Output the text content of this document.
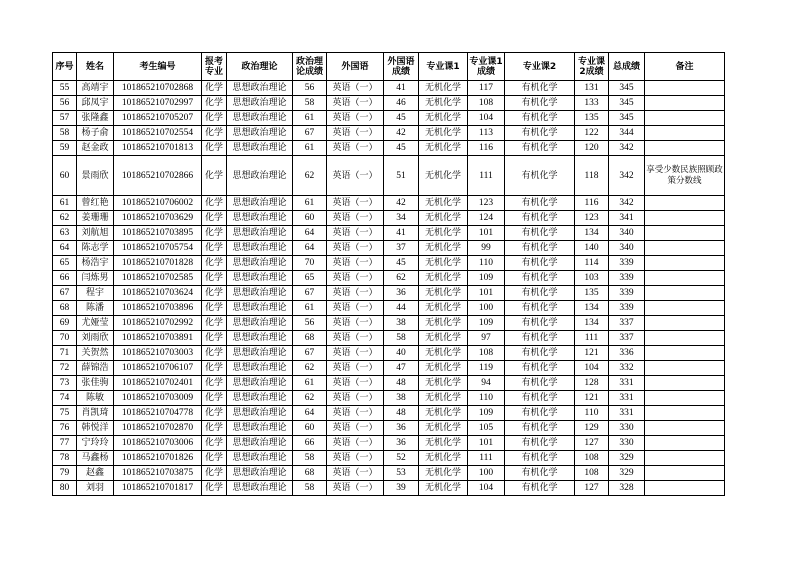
序号	姓名	考生编号	报考专业	政治理论	政治理论成绩	外国语	外国语成绩	专业课1	专业课1成绩	专业课2	专业课2成绩	总成绩	备注
55	高靖宇	101865210702868	化学	思想政治理论	56	英语（一）	41	无机化学	117	有机化学	131	345	
56	邱凤宇	101865210702997	化学	思想政治理论	58	英语（一）	46	无机化学	108	有机化学	133	345	
57	张隆鑫	101865210705207	化学	思想政治理论	61	英语（一）	45	无机化学	104	有机化学	135	345	
58	杨子俞	101865210702554	化学	思想政治理论	67	英语（一）	42	无机化学	113	有机化学	122	344	
59	赵金政	101865210701813	化学	思想政治理论	61	英语（一）	45	无机化学	116	有机化学	120	342	
60	景雨欣	101865210702866	化学	思想政治理论	62	英语（一）	51	无机化学	111	有机化学	118	342	享受少数民族照顾政策分数线
61	曾红艳	101865210706002	化学	思想政治理论	61	英语（一）	42	无机化学	123	有机化学	116	342	
62	姜珊珊	101865210703629	化学	思想政治理论	60	英语（一）	34	无机化学	124	有机化学	123	341	
63	刘航旭	101865210703895	化学	思想政治理论	64	英语（一）	41	无机化学	101	有机化学	134	340	
64	陈志学	101865210705754	化学	思想政治理论	64	英语（一）	37	无机化学	99	有机化学	140	340	
65	杨浩宇	101865210701828	化学	思想政治理论	70	英语（一）	45	无机化学	110	有机化学	114	339	
66	闫炼男	101865210702585	化学	思想政治理论	65	英语（一）	62	无机化学	109	有机化学	103	339	
67	程宇	101865210703624	化学	思想政治理论	67	英语（一）	36	无机化学	101	有机化学	135	339	
68	陈潘	101865210703896	化学	思想政治理论	61	英语（一）	44	无机化学	100	有机化学	134	339	
69	尤娅莹	101865210702992	化学	思想政治理论	56	英语（一）	38	无机化学	109	有机化学	134	337	
70	刘雨欣	101865210703891	化学	思想政治理论	68	英语（一）	58	无机化学	97	有机化学	111	337	
71	关贺然	101865210703003	化学	思想政治理论	67	英语（一）	40	无机化学	108	有机化学	121	336	
72	薛锦浩	101865210706107	化学	思想政治理论	62	英语（一）	47	无机化学	119	有机化学	104	332	
73	张佳驹	101865210702401	化学	思想政治理论	61	英语（一）	48	无机化学	94	有机化学	128	331	
74	陈敏	101865210703009	化学	思想政治理论	62	英语（一）	38	无机化学	110	有机化学	121	331	
75	肖凯琦	101865210704778	化学	思想政治理论	64	英语（一）	48	无机化学	109	有机化学	110	331	
76	韩悦洋	101865210702870	化学	思想政治理论	60	英语（一）	36	无机化学	105	有机化学	129	330	
77	宁玲玲	101865210703006	化学	思想政治理论	66	英语（一）	36	无机化学	101	有机化学	127	330	
78	马鑫杨	101865210701826	化学	思想政治理论	58	英语（一）	52	无机化学	111	有机化学	108	329	
79	赵鑫	101865210703875	化学	思想政治理论	68	英语（一）	53	无机化学	100	有机化学	108	329	
80	刘羽	101865210701817	化学	思想政治理论	58	英语（一）	39	无机化学	104	有机化学	127	328	
